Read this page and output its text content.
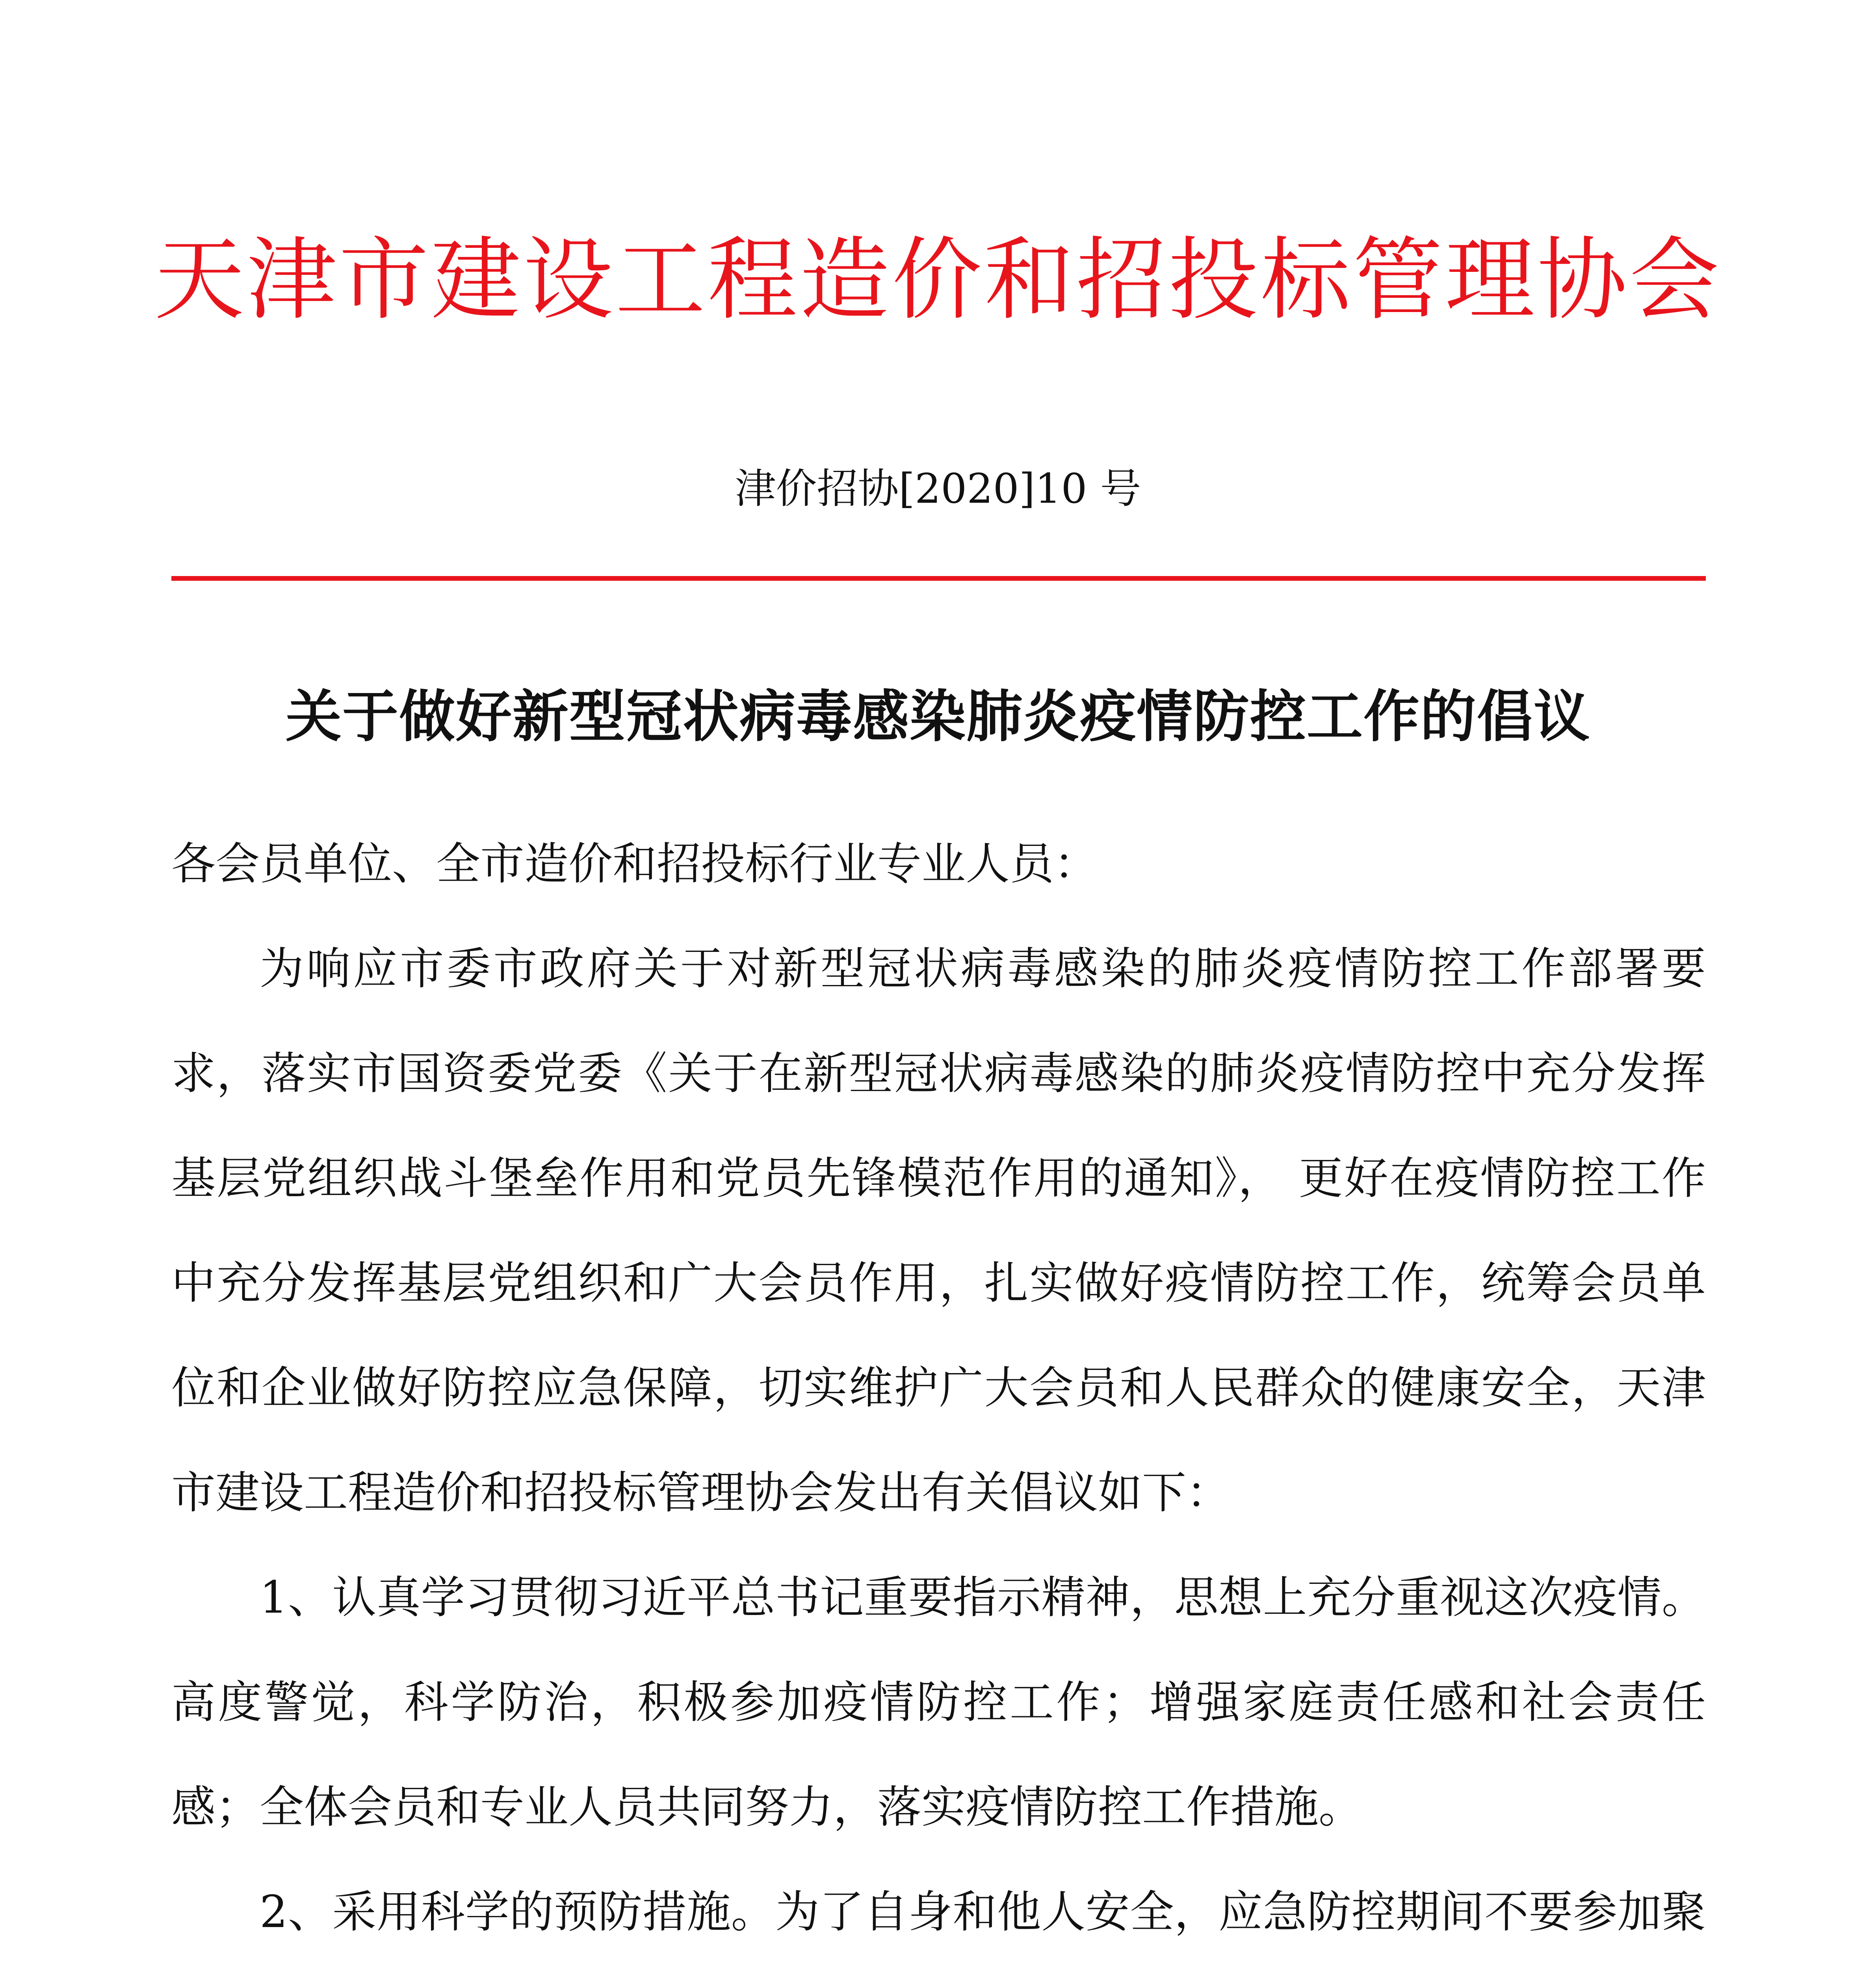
天津市建设工程造价和招投标管理协会
津价招协[2020]10 号
关于做好新型冠状病毒感染肺炎疫情防控工作的倡议
各会员单位、全市造价和招投标行业专业人员：
为响应市委市政府关于对新型冠状病毒感染的肺炎疫情防控工作部署要求，落实市国资委党委《关于在新型冠状病毒感染的肺炎疫情防控中充分发挥基层党组织战斗堡垒作用和党员先锋模范作用的通知》， 更好在疫情防控工作中充分发挥基层党组织和广大会员作用，扎实做好疫情防控工作，统筹会员单位和企业做好防控应急保障，切实维护广大会员和人民群众的健康安全，天津市建设工程造价和招投标管理协会发出有关倡议如下：
1、认真学习贯彻习近平总书记重要指示精神，思想上充分重视这次疫情。高度警觉，科学防治，积极参加疫情防控工作；增强家庭责任感和社会责任感；全体会员和专业人员共同努力，落实疫情防控工作措施。
2、采用科学的预防措施。为了自身和他人安全，应急防控期间不要参加聚
